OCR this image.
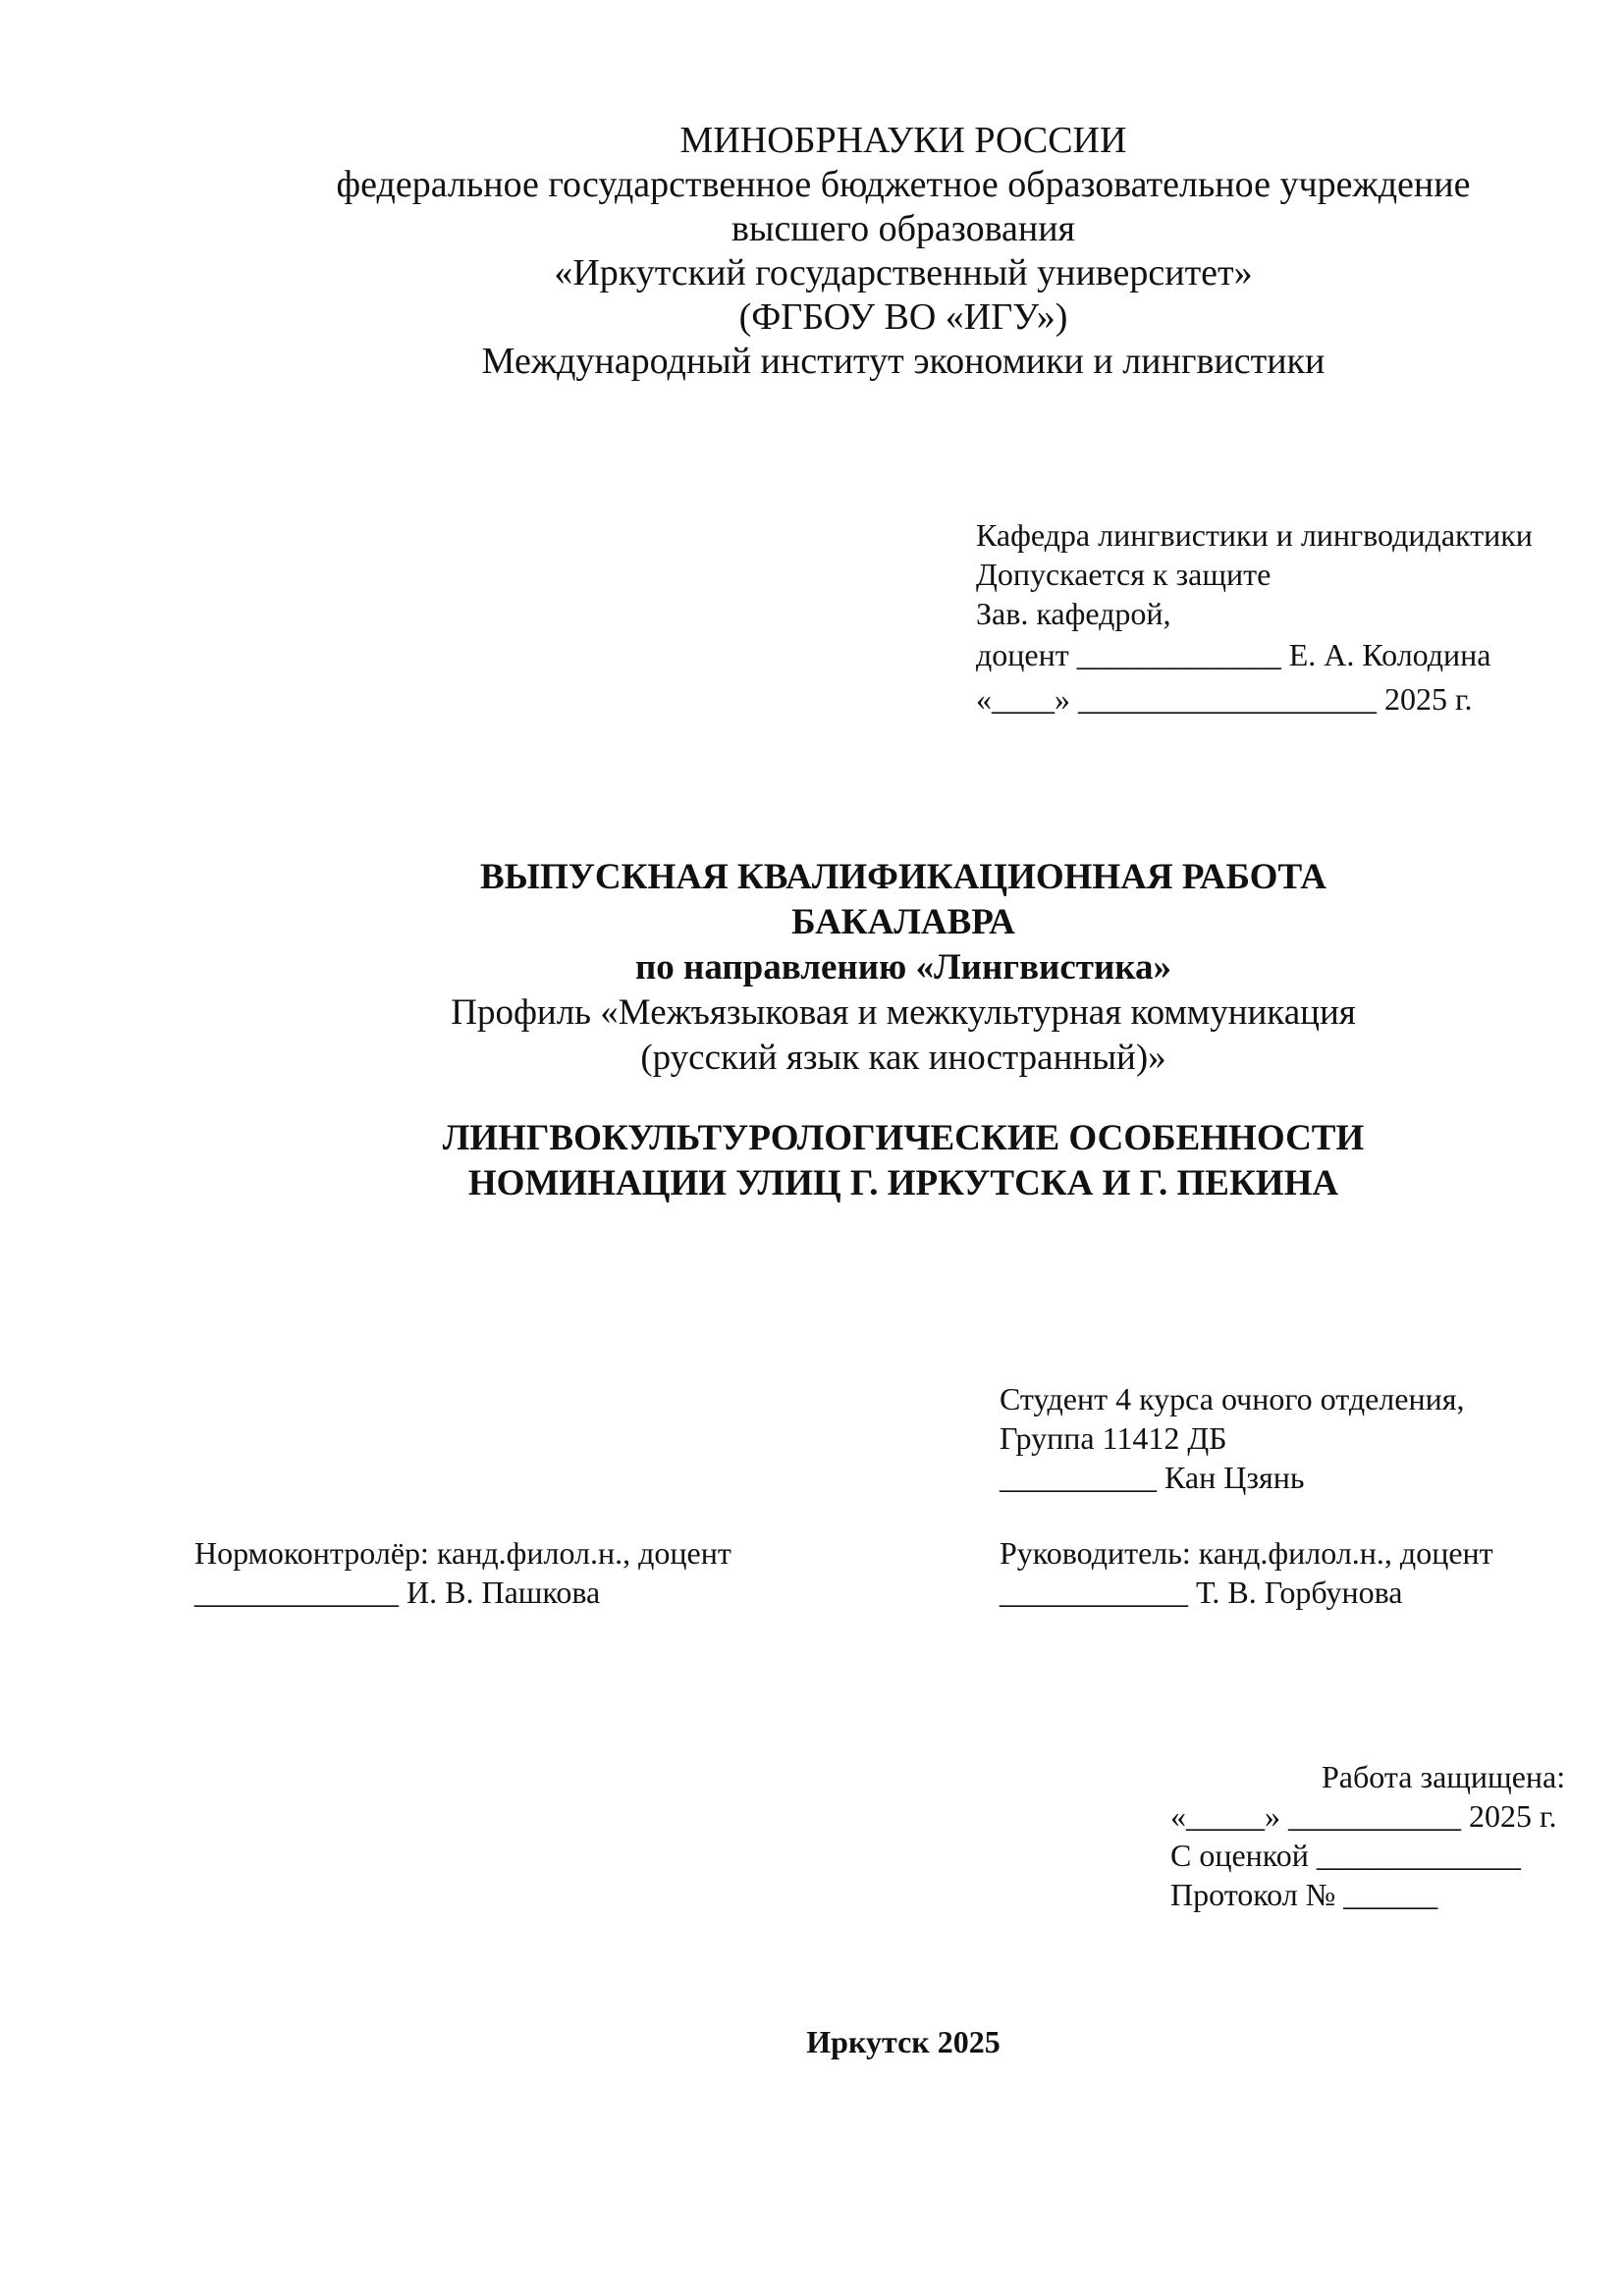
МИНОБРНАУКИ РОССИИ
федеральное государственное бюджетное образовательное учреждение
высшего образования
«Иркутский государственный университет»
(ФГБОУ ВО «ИГУ»)
Международный институт экономики и лингвистики
Кафедра лингвистики и лингводидактики
Допускается к защите
Зав. кафедрой,
доцент _____________ Е. А. Колодина
«____» ___________________ 2025 г.
ВЫПУСКНАЯ КВАЛИФИКАЦИОННАЯ РАБОТА
БАКАЛАВРА
по направлению «Лингвистика»
Профиль «Межъязыковая и межкультурная коммуникация
(русский язык как иностранный)»
ЛИНГВОКУЛЬТУРОЛОГИЧЕСКИЕ ОСОБЕННОСТИ
НОМИНАЦИИ УЛИЦ Г. ИРКУТСКА И Г. ПЕКИНА
Студент 4 курса очного отделения,
Группа 11412 ДБ
__________ Кан Цзянь
Нормоконтролёр: канд.филол.н., доцент
_____________ И. В. Пашкова
Руководитель: канд.филол.н., доцент
____________ Т. В. Горбунова
Работа защищена:
«_____» ___________ 2025 г.
С оценкой _____________
Протокол № ______
Иркутск 2025
